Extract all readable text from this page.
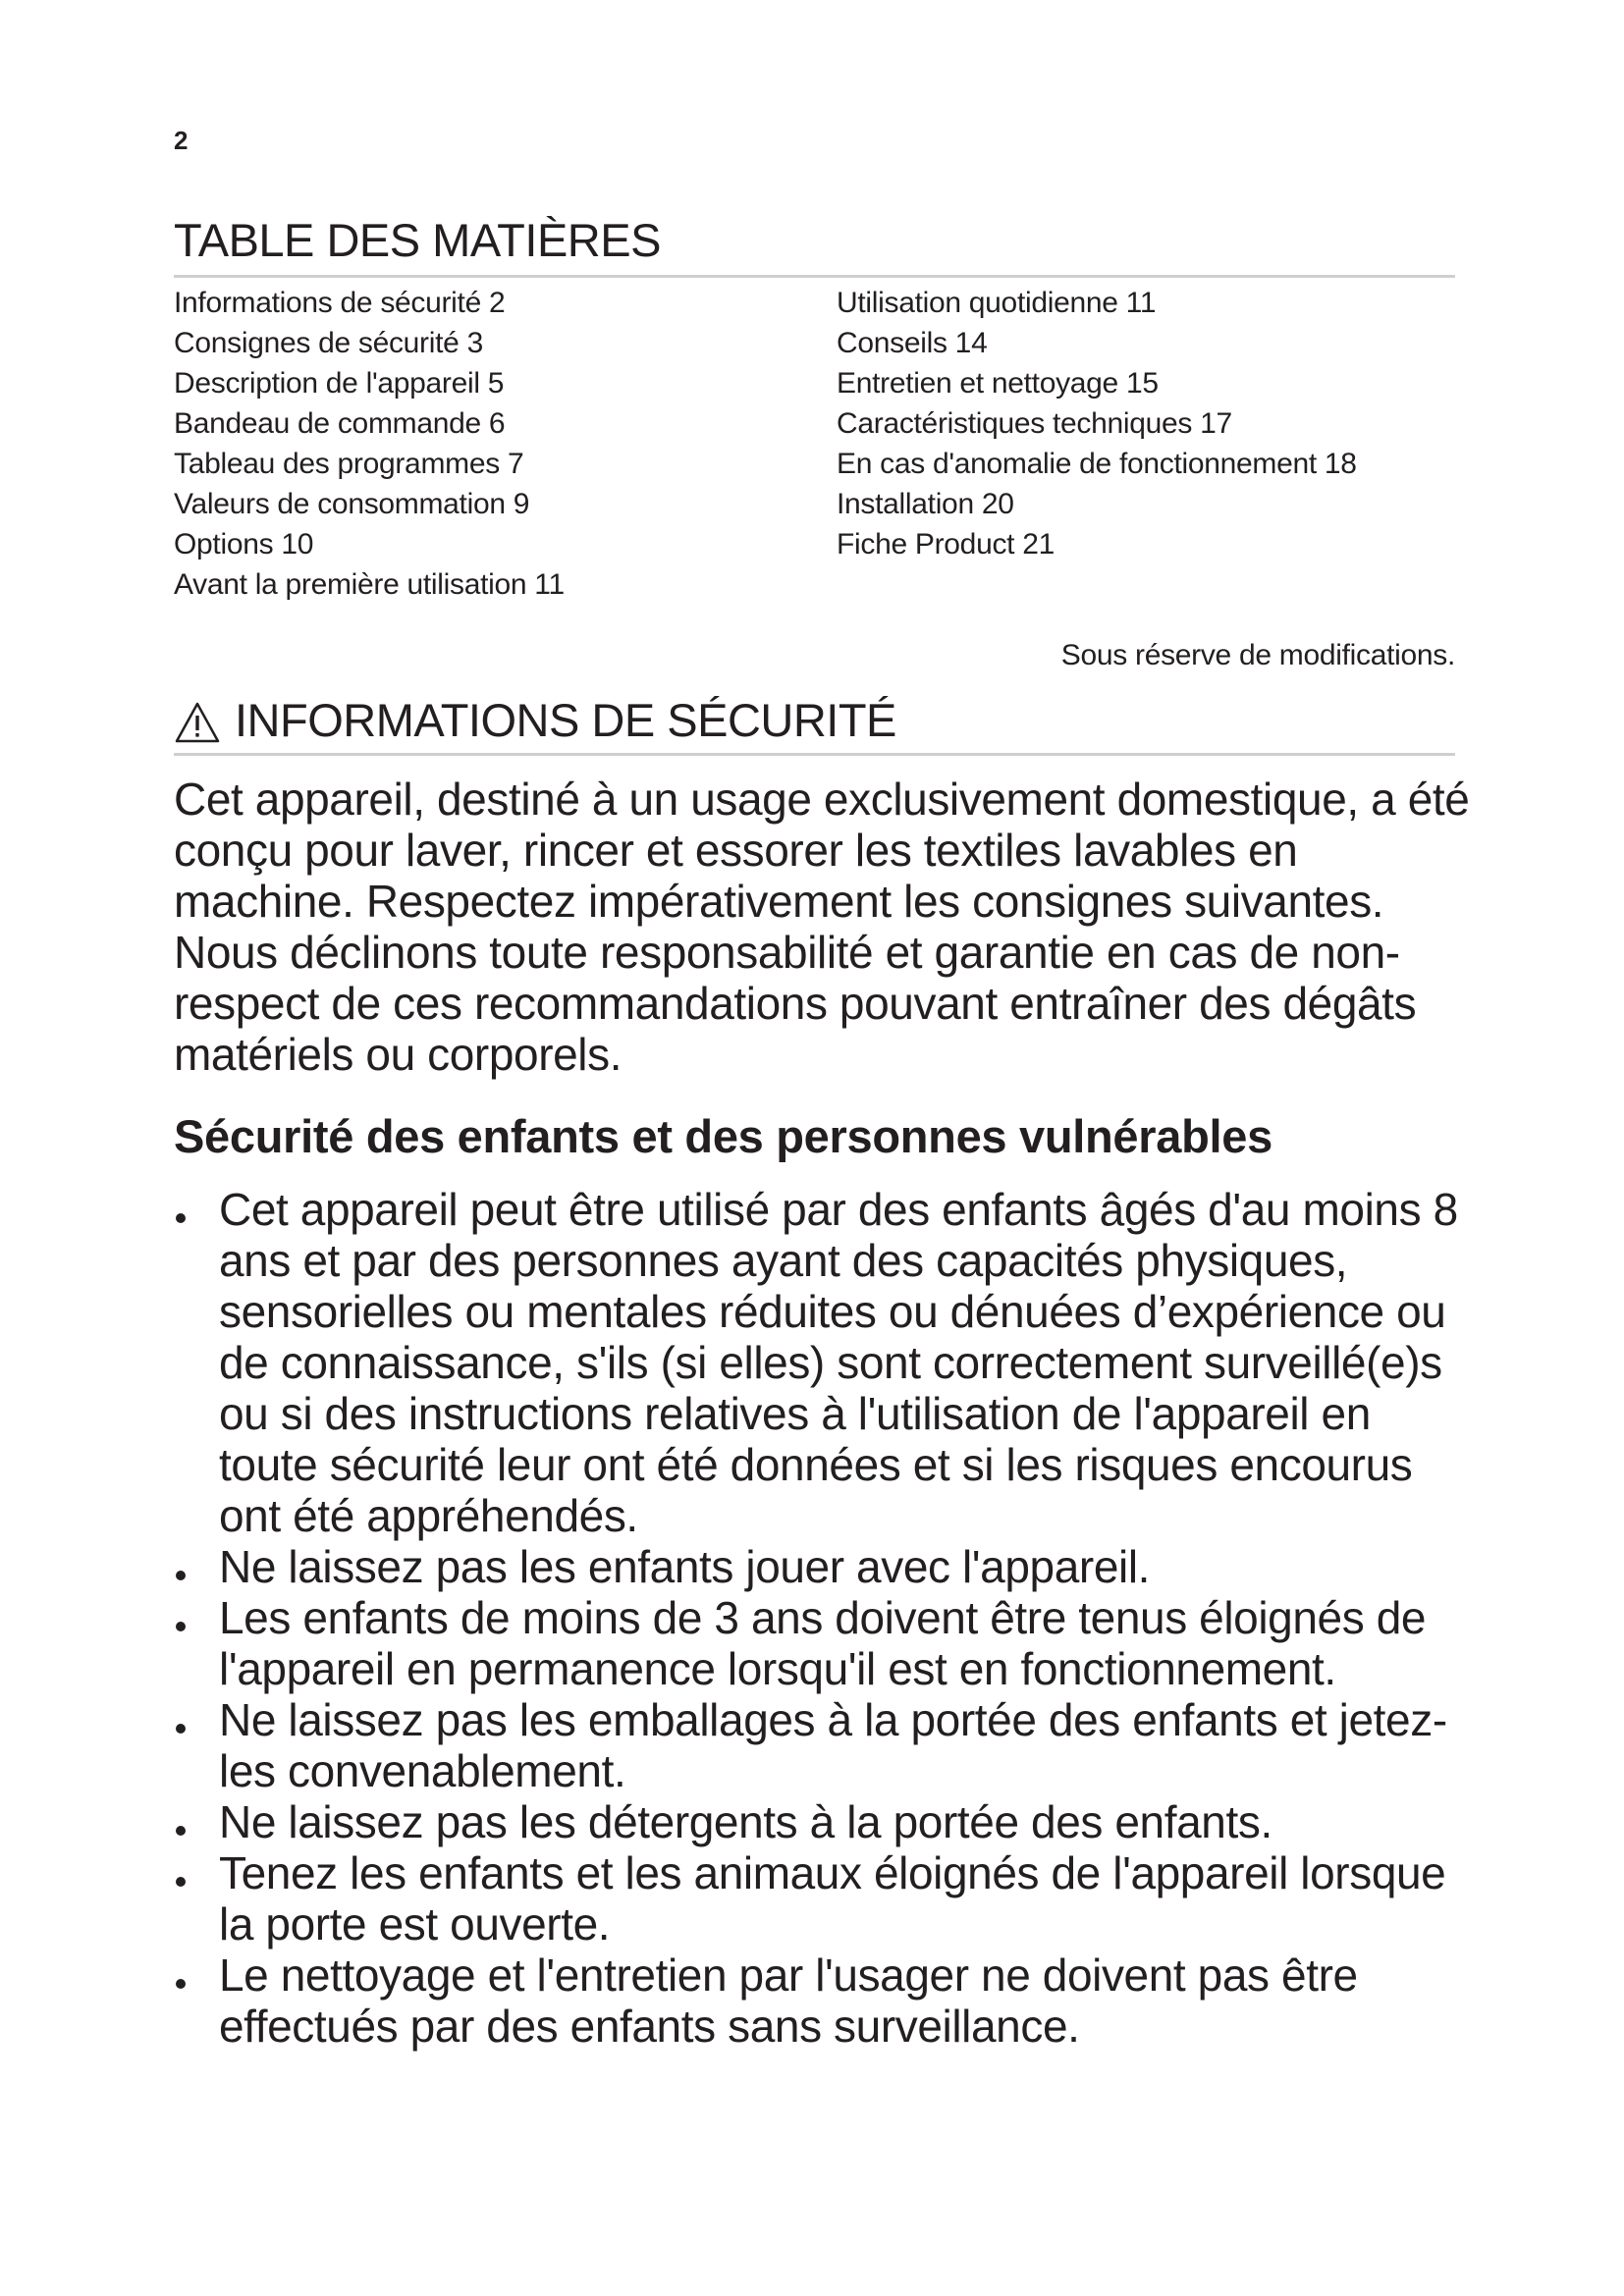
2
TABLE DES MATIÈRES
Informations de sécurité 2
Consignes de sécurité 3
Description de l'appareil 5
Bandeau de commande 6
Tableau des programmes 7
Valeurs de consommation 9
Options 10
Avant la première utilisation 11
Utilisation quotidienne 11
Conseils 14
Entretien et nettoyage 15
Caractéristiques techniques 17
En cas d'anomalie de fonctionnement 18
Installation 20
Fiche Product 21
Sous réserve de modifications.
INFORMATIONS DE SÉCURITÉ

Cet appareil, destiné à un usage exclusivement domestique, a été conçu pour laver, rincer et essorer les textiles lavables en machine. Respectez impérativement les consignes suivantes. Nous déclinons toute responsabilité et garantie en cas de non-respect de ces recommandations pouvant entraîner des dégâts matériels ou corporels.

Sécurité des enfants et des personnes vulnérables
Cet appareil peut être utilisé par des enfants âgés d'au moins 8 ans et par des personnes ayant des capacités physiques, sensorielles ou mentales réduites ou dénuées d’expérience ou de connaissance, s'ils (si elles) sont correctement surveillé(e)s ou si des instructions relatives à l'utilisation de l'appareil en toute sécurité leur ont été données et si les risques encourus ont été appréhendés.
Ne laissez pas les enfants jouer avec l'appareil.
Les enfants de moins de 3 ans doivent être tenus éloignés de l'appareil en permanence lorsqu'il est en fonctionnement.
Ne laissez pas les emballages à la portée des enfants et jetez-les convenablement.
Ne laissez pas les détergents à la portée des enfants.
Tenez les enfants et les animaux éloignés de l'appareil lorsque la porte est ouverte.
Le nettoyage et l'entretien par l'usager ne doivent pas être effectués par des enfants sans surveillance.
